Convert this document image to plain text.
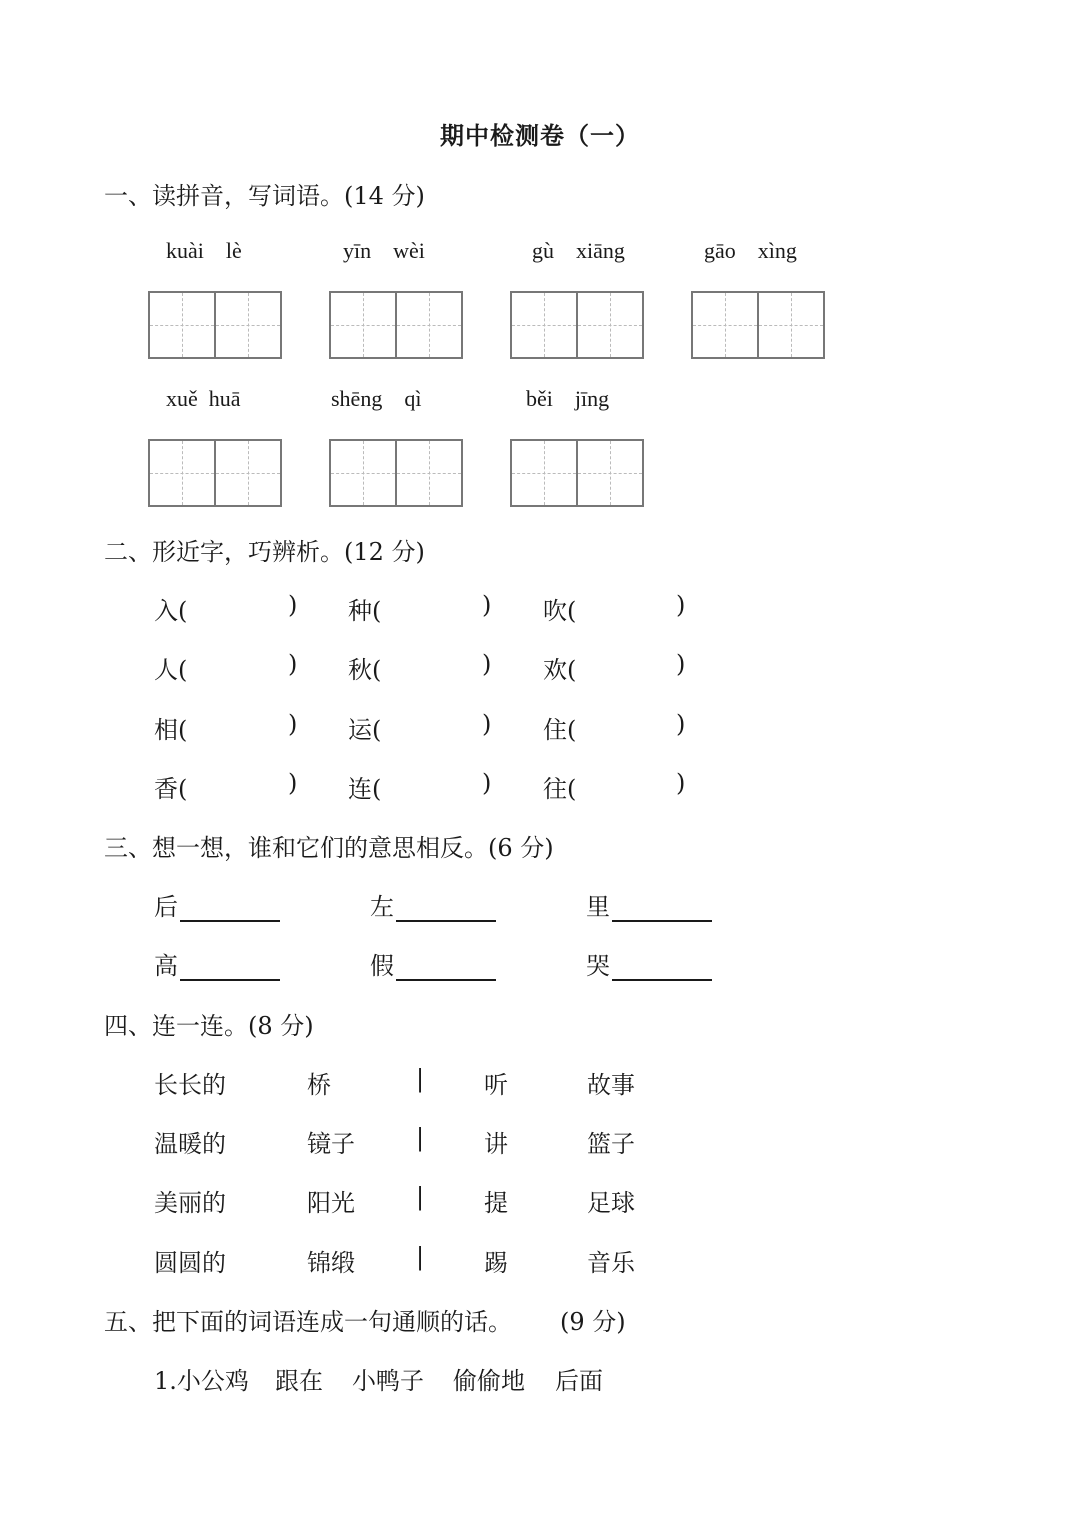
期中检测卷（一）
一、读拼音，写词语。(14 分)
kuài    lè	yīn    wèi	gù    xiāng	gāo    xìng
xuě  huā	shēng    qì	běi    jīng
二、形近字，巧辨析。(12 分)
入(	) 种(	) 吹(	)
人(	) 秋(	) 欢(	)
相(	) 运(	) 住(	)
香(	) 连(	) 往(	)
三、想一想，谁和它们的意思相反。(6 分)
后	左	里
高	假	哭
四、连一连。(8 分)
长长的	桥	听	故事
|
温暖的	镜子	讲	篮子
|
美丽的	阳光	提	足球
|
圆圆的	锦缎	踢	音乐
|
五、把下面的词语连成一句通顺的话。 (9 分)
1.小公鸡 跟在 小鸭子 偷偷地 后面
